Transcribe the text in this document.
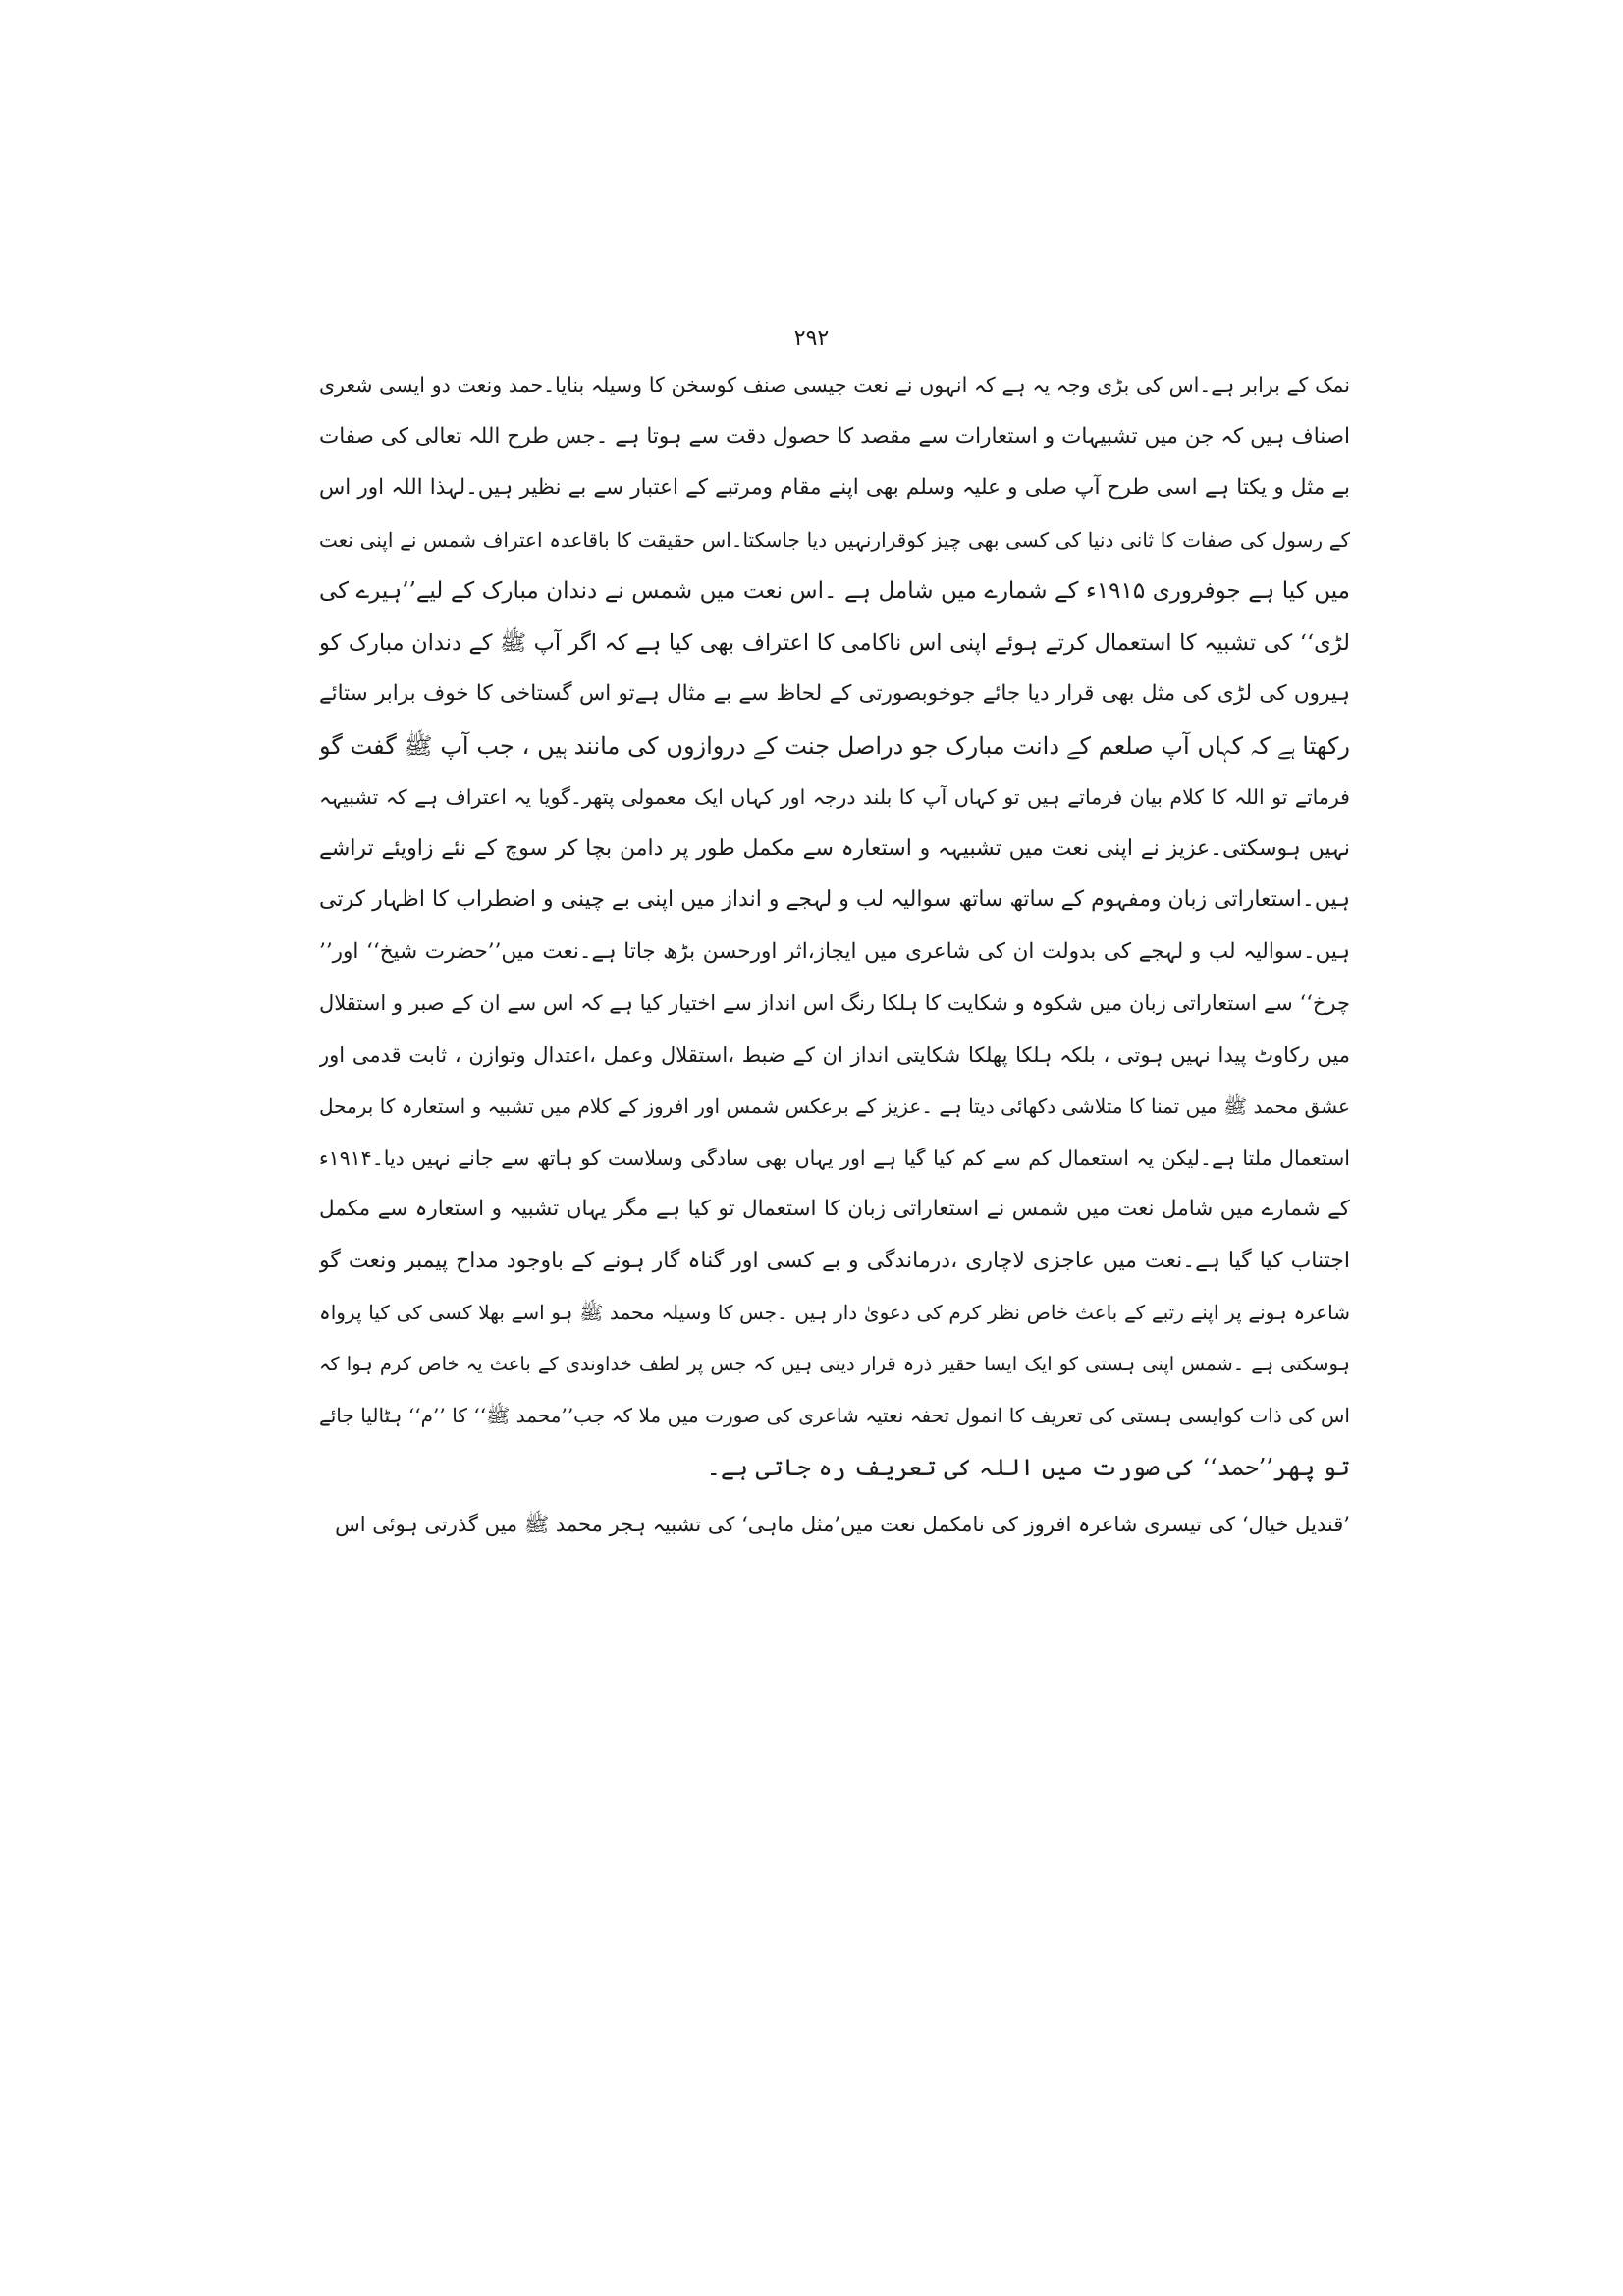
۲۹۲
نمک کے برابر ہے۔اس کی بڑی وجہ یہ ہے کہ انہوں نے نعت جیسی صنف کوسخن کا وسیلہ بنایا۔حمد ونعت دو ایسی شعری
اصناف ہیں کہ جن میں تشبیہات و استعارات سے مقصد کا حصول دقت سے ہوتا ہے ۔جس طرح اللہ تعالی کی صفات
بے مثل و یکتا ہے اسی طرح آپ صلی و علیہ وسلم بھی اپنے مقام ومرتبے کے اعتبار سے بے نظیر ہیں۔لہذا اللہ اور اس
کے رسول کی صفات کا ثانی دنیا کی کسی بھی چیز کوقرارنہیں دیا جاسکتا۔اس حقیقت کا باقاعدہ اعتراف شمس نے اپنی نعت
میں کیا ہے جوفروری ۱۹۱۵ء کے شمارے میں شامل ہے ۔اس نعت میں شمس نے دندان مبارک کے لیے’’ہیرے کی
لڑی‘‘ کی تشبیہ کا استعمال کرتے ہوئے اپنی اس ناکامی کا اعتراف بھی کیا ہے کہ اگر آپ ﷺ کے دندان مبارک کو
ہیروں کی لڑی کی مثل بھی قرار دیا جائے جوخوبصورتی کے لحاظ سے بے مثال ہےتو اس گستاخی کا خوف برابر ستائے
رکھتا ہے کہ کہاں آپ صلعم کے دانت مبارک جو دراصل جنت کے دروازوں کی مانند ہیں ، جب آپ ﷺ گفت گو
فرماتے تو اللہ کا کلام بیان فرماتے ہیں تو کہاں آپ کا بلند درجہ اور کہاں ایک معمولی پتھر۔گویا یہ اعتراف ہے کہ تشبیہہ
نہیں ہوسکتی۔عزیز نے اپنی نعت میں تشبیہہ و استعارہ سے مکمل طور پر دامن بچا کر سوچ کے نئے زاویئے تراشے
ہیں۔استعاراتی زبان ومفہوم کے ساتھ ساتھ سوالیہ لب و لہجے و انداز میں اپنی بے چینی و اضطراب کا اظہار کرتی
ہیں۔سوالیہ لب و لہجے کی بدولت ان کی شاعری میں ایجاز،اثر اورحسن بڑھ جاتا ہے۔نعت میں’’حضرت شیخ‘‘ اور’’
چرخ‘‘ سے استعاراتی زبان میں شکوہ و شکایت کا ہلکا رنگ اس انداز سے اختیار کیا ہے کہ اس سے ان کے صبر و استقلال
میں رکاوٹ پیدا نہیں ہوتی ، بلکہ ہلکا پھلکا شکایتی انداز ان کے ضبط ،استقلال وعمل ،اعتدال وتوازن ، ثابت قدمی اور
عشق محمد ﷺ میں تمنا کا متلاشی دکھائی دیتا ہے ۔عزیز کے برعکس شمس اور افروز کے کلام میں تشبیہ و استعارہ کا برمحل
استعمال ملتا ہے۔لیکن یہ استعمال کم سے کم کیا گیا ہے اور یہاں بھی سادگی وسلاست کو ہاتھ سے جانے نہیں دیا۔۱۹۱۴ء
کے شمارے میں شامل نعت میں شمس نے استعاراتی زبان کا استعمال تو کیا ہے مگر یہاں تشبیہ و استعارہ سے مکمل
اجتناب کیا گیا ہے۔نعت میں عاجزی لاچاری ،درماندگی و بے کسی اور گناہ گار ہونے کے باوجود مداح پیمبر ونعت گو
شاعرہ ہونے پر اپنے رتبے کے باعث خاص نظر کرم کی دعویٰ دار ہیں ۔جس کا وسیلہ محمد ﷺ ہو اسے بھلا کسی کی کیا پرواہ
ہوسکتی ہے ۔شمس اپنی ہستی کو ایک ایسا حقیر ذرہ قرار دیتی ہیں کہ جس پر لطف خداوندی کے باعث یہ خاص کرم ہوا کہ
اس کی ذات کوایسی ہستی کی تعریف کا انمول تحفہ نعتیہ شاعری کی صورت میں ملا کہ جب’’محمد ﷺ‘‘ کا ’’م‘‘ ہٹالیا جائے
تو پھر’’حمد‘‘ کی صورت میں اللہ کی تعریف رہ جاتی ہے۔
’قندیل خیال‘ کی تیسری شاعرہ افروز کی نامکمل نعت میں’مثل ماہی‘ کی تشبیہ ہجر محمد ﷺ میں گذرتی ہوئی اس
